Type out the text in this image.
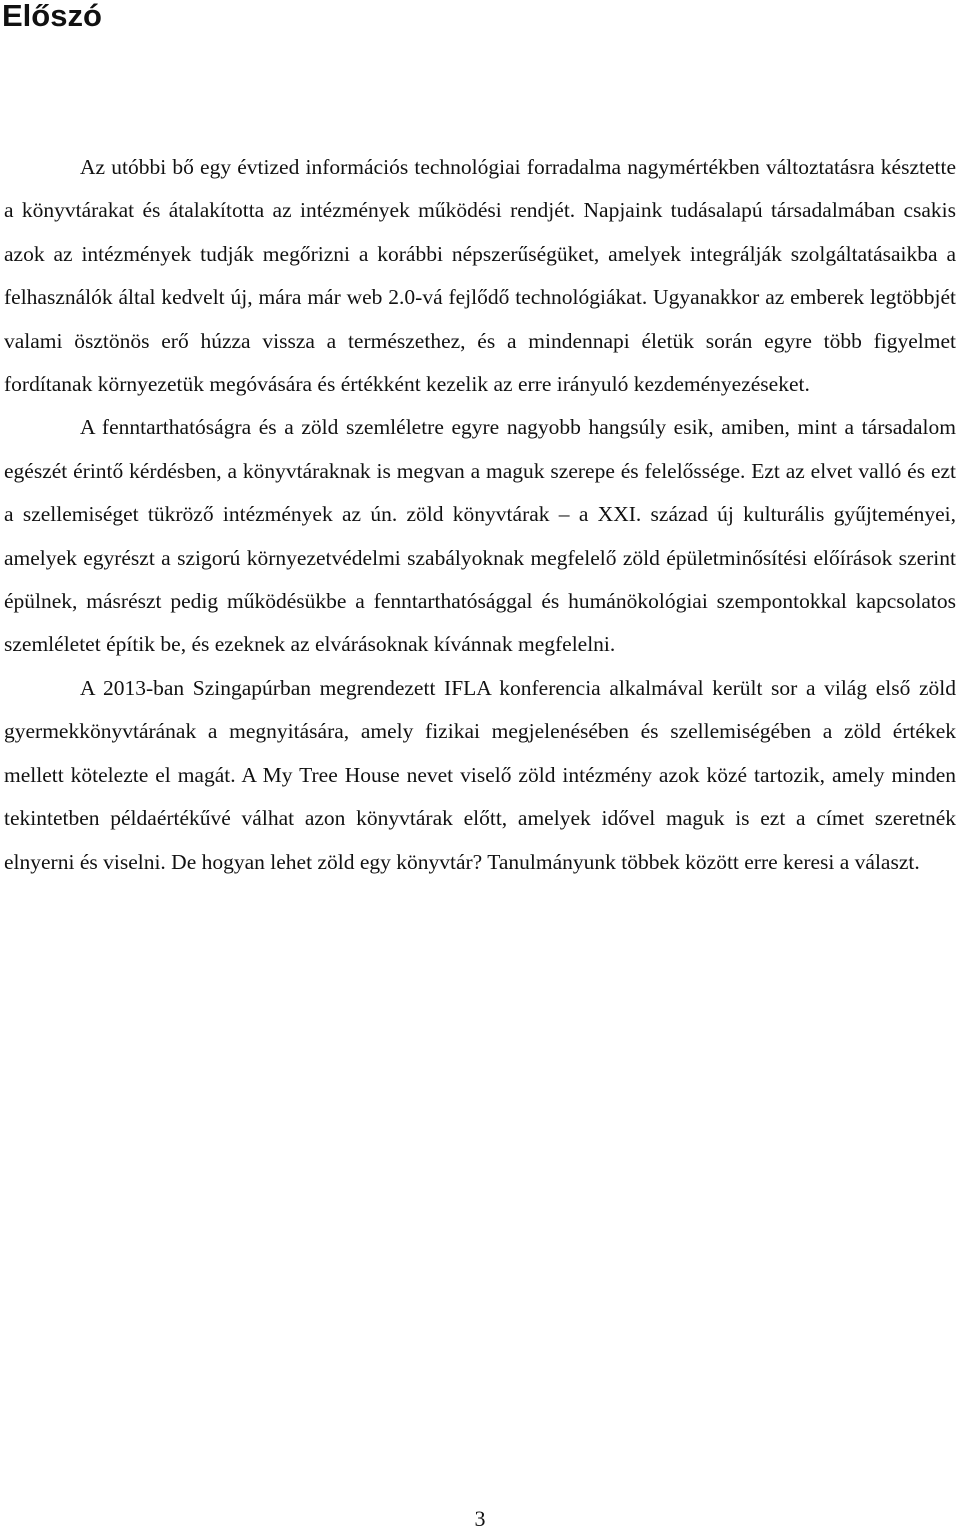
Előszó

Az utóbbi bő egy évtized információs technológiai forradalma nagymértékben változtatásra késztette a könyvtárakat és átalakította az intézmények működési rendjét. Napjaink tudásalapú társadalmában csakis azok az intézmények tudják megőrizni a korábbi népszerűségüket, amelyek integrálják szolgáltatásaikba a felhasználók által kedvelt új, mára már web 2.0-vá fejlődő technológiákat. Ugyanakkor az emberek legtöbbjét valami ösztönös erő húzza vissza a természethez, és a mindennapi életük során egyre több figyelmet fordítanak környezetük megóvására és értékként kezelik az erre irányuló kezdeményezéseket.

A fenntarthatóságra és a zöld szemléletre egyre nagyobb hangsúly esik, amiben, mint a társadalom egészét érintő kérdésben, a könyvtáraknak is megvan a maguk szerepe és felelőssége. Ezt az elvet valló és ezt a szellemiséget tükröző intézmények az ún. zöld könyvtárak – a XXI. század új kulturális gyűjteményei, amelyek egyrészt a szigorú környezetvédelmi szabályoknak megfelelő zöld épületminősítési előírások szerint épülnek, másrészt pedig működésükbe a fenntarthatósággal és humánökológiai szempontokkal kapcsolatos szemléletet építik be, és ezeknek az elvárásoknak kívánnak megfelelni.

A 2013-ban Szingapúrban megrendezett IFLA konferencia alkalmával került sor a világ első zöld gyermekkönyvtárának a megnyitására, amely fizikai megjelenésében és szellemiségében a zöld értékek mellett kötelezte el magát. A My Tree House nevet viselő zöld intézmény azok közé tartozik, amely minden tekintetben példaértékűvé válhat azon könyvtárak előtt, amelyek idővel maguk is ezt a címet szeretnék elnyerni és viselni. De hogyan lehet zöld egy könyvtár? Tanulmányunk többek között erre keresi a választ.

3
